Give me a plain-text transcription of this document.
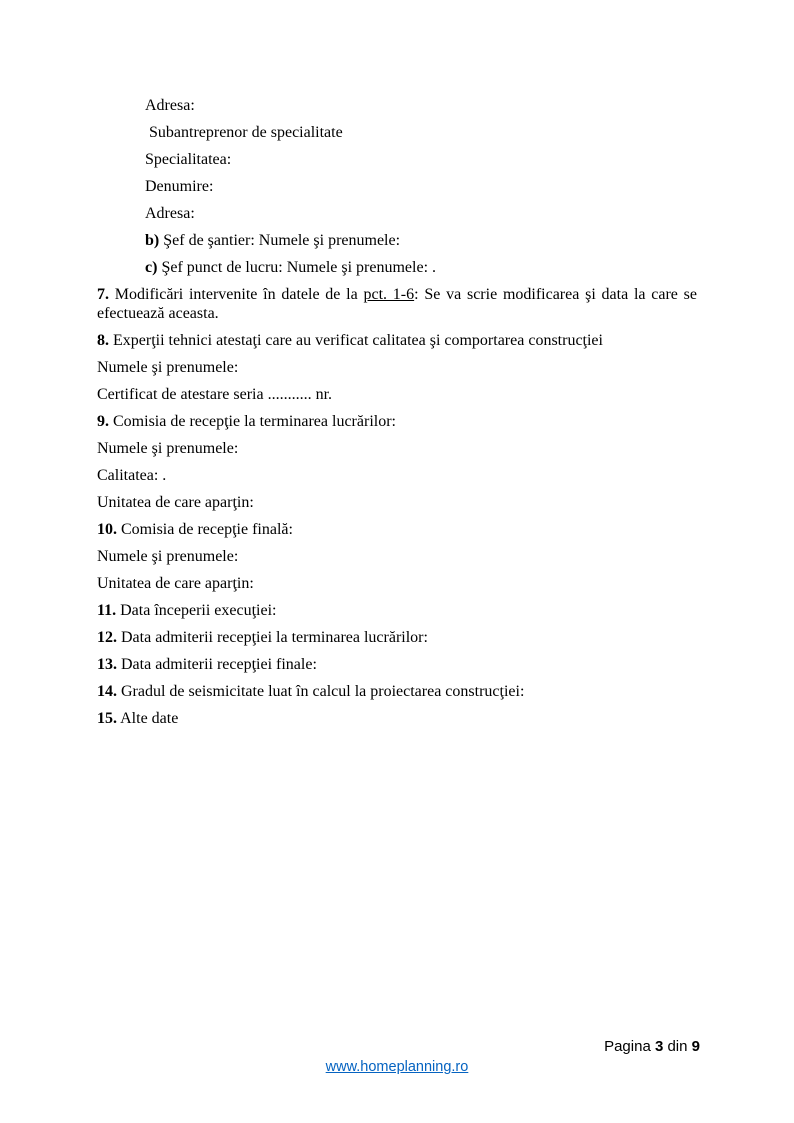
Adresa:

Subantreprenor de specialitate

Specialitatea:

Denumire:

Adresa:

b) Şef de şantier: Numele şi prenumele:

c) Şef punct de lucru: Numele şi prenumele: .

7. Modificări intervenite în datele de la pct. 1-6: Se va scrie modificarea şi data la care se efectuează aceasta.

8. Experţii tehnici atestaţi care au verificat calitatea şi comportarea construcţiei

Numele şi prenumele:

Certificat de atestare seria ........... nr.

9. Comisia de recepţie la terminarea lucrărilor:

Numele şi prenumele:

Calitatea: .

Unitatea de care aparţin:

10. Comisia de recepţie finală:

Numele şi prenumele:

Unitatea de care aparţin:

11. Data începerii execuţiei:

12. Data admiterii recepţiei la terminarea lucrărilor:

13. Data admiterii recepţiei finale:

14. Gradul de seismicitate luat în calcul la proiectarea construcţiei:

15. Alte date

Pagina 3 din 9
www.homeplanning.ro
